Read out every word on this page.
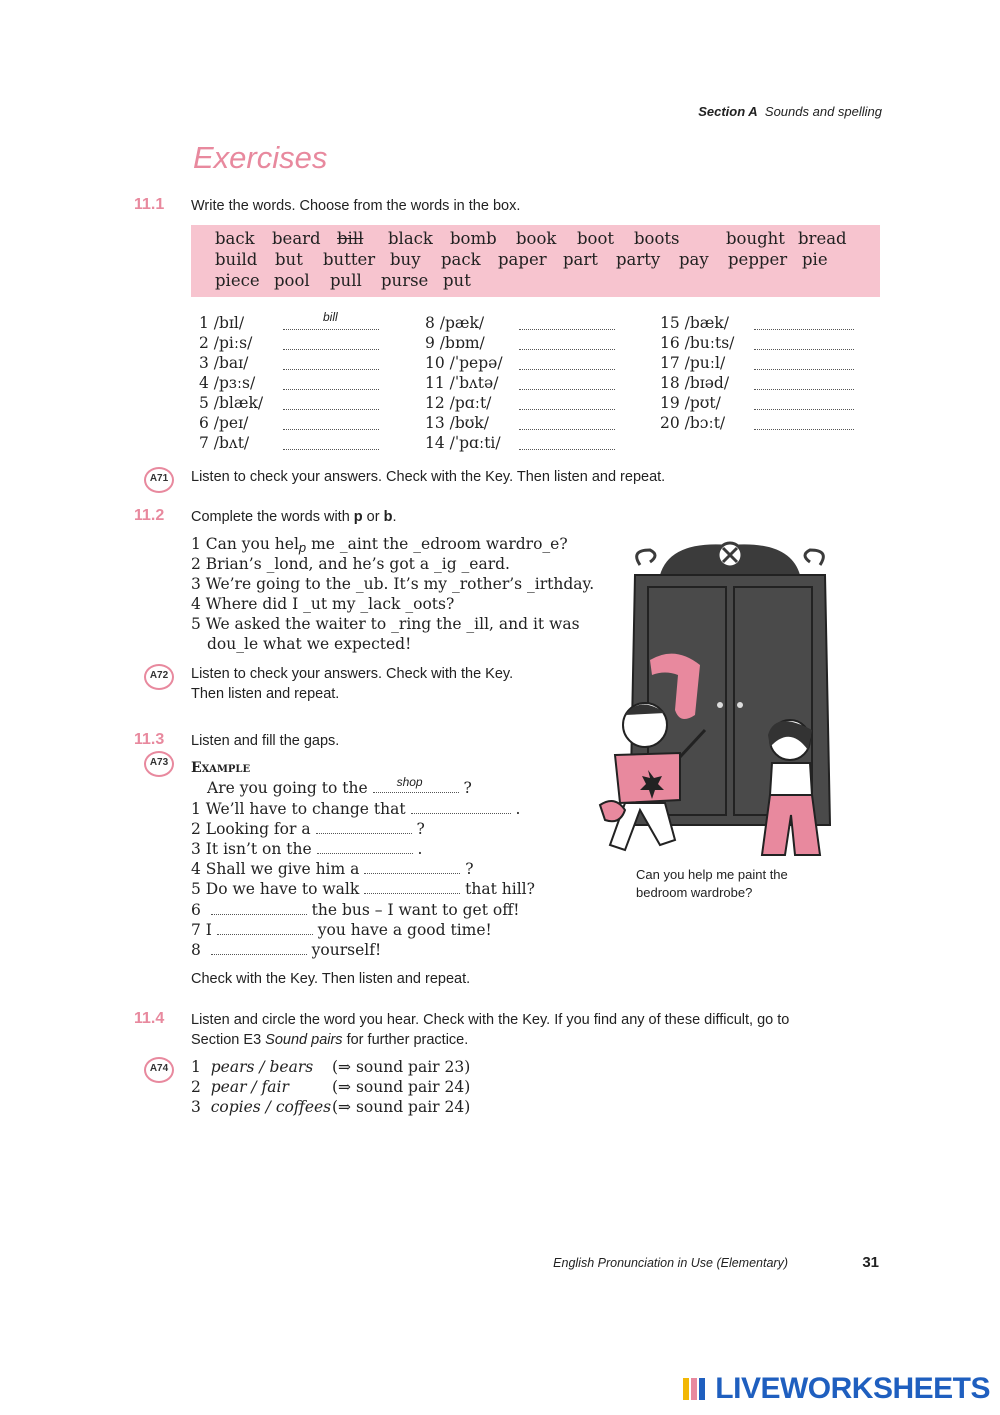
Section A Sounds and spelling
Exercises
11.1 Write the words. Choose from the words in the box.
back beard bill black bomb book boot boots	bought bread
build but butter buy pack paper part party pay pepper pie
piece pool pull purse put
1 /bɪl/	bill
2 /piːs/
3 /baɪ/
4 /pɜːs/
5 /blæk/
6 /peɪ/
7 /bʌt/
8 /pæk/
9 /bɒm/
10 /ˈpepə/
11 /ˈbʌtə/
12 /pɑːt/
13 /bʊk/
14 /ˈpɑːti/
15 /bæk/
16 /buːts/
17 /puːl/
18 /bɪəd/
19 /pʊt/
20 /bɔːt/
A71	Listen to check your answers. Check with the Key. Then listen and repeat.
11.2 Complete the words with p or b.
1 Can you help me _aint the _edroom wardro_e?
2 Brian’s _lond, and he’s got a _ig _eard.
3 We’re going to the _ub. It’s my _rother’s _irthday.
4 Where did I _ut my _lack _oots?
5 We asked the waiter to _ring the _ill, and it was
dou_le what we expected!
A72	Listen to check your answers. Check with the Key.
Then listen and repeat.
11.3
A73
Listen and fill the gaps.
Example
Are you going to the shop	?
1 We’ll have to change that	.
2 Looking for a	?
3 It isn’t on the	.
4 Shall we give him a	?
5 Do we have to walk	that hill?
6	the bus – I want to get off!
7 I	you have a good time!
8	yourself!
Check with the Key. Then listen and repeat.
Can you help me paint the
bedroom wardrobe?
11.4 Listen and circle the word you hear. Check with the Key. If you find any of these difficult, go to
Section E3 Sound pairs for further practice.
A74	1 pears / bears (⇒ sound pair 23)
2 pear / fair	(⇒ sound pair 24)
3 copies / coffees (⇒ sound pair 24)
English Pronunciation in Use (Elementary)	31
LIVEWORKSHEETS
